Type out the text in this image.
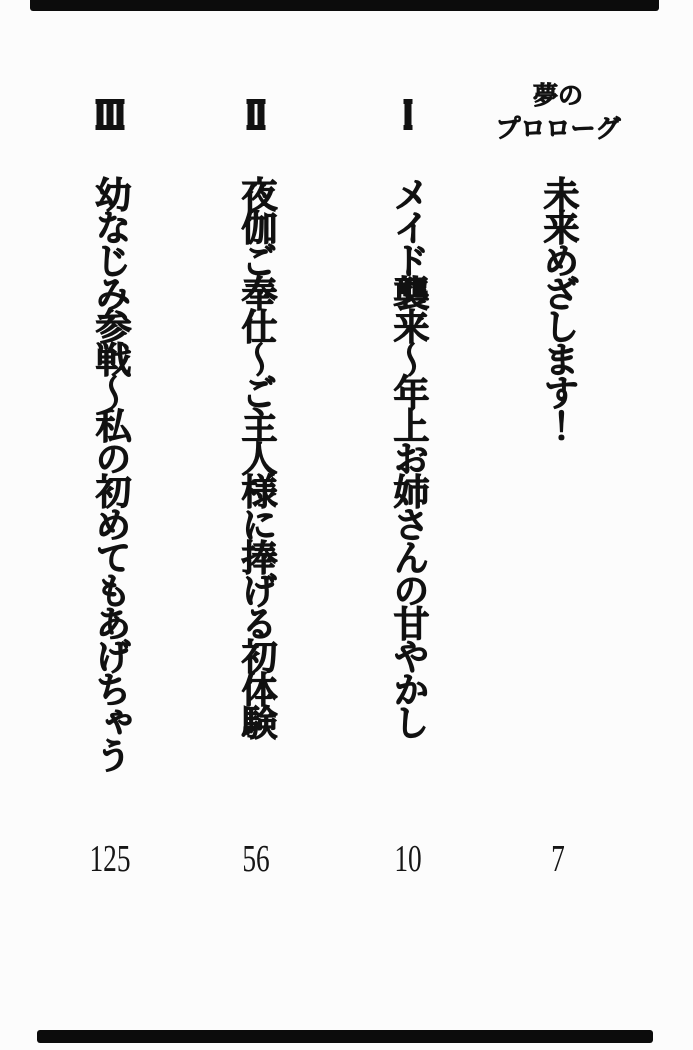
夢の
プロローグ
未来めざします！
7
メイド襲来〜年上お姉さんの甘やかし
10
夜伽ご奉仕〜ご主人様に捧げる初体験
56
幼なじみ参戦〜私の初めてもあげちゃう
125
